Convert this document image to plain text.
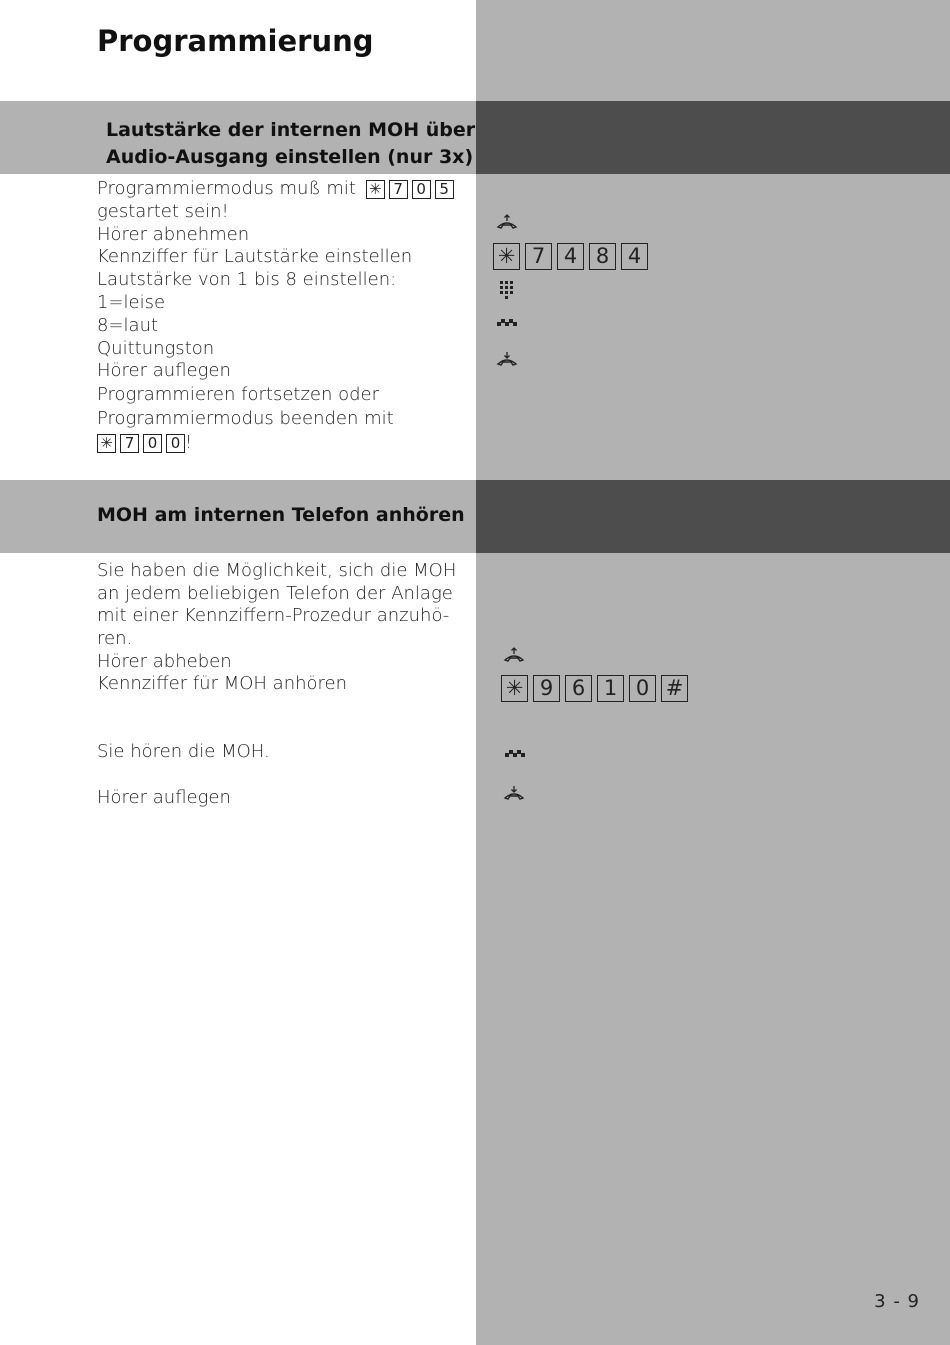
Programmierung
Lautstärke der internen MOH über
Audio-Ausgang einstellen (nur 3x)
Programmiermodus muß mit ✳ 7 0 5
gestartet sein!
Hörer abnehmen
Kennziffer für Lautstärke einstellen
Lautstärke von 1 bis 8 einstellen:
1=leise
8=laut
Quittungston
Hörer auflegen
Programmieren fortsetzen oder
Programmiermodus beenden mit
✳ 7 0 0 !
✳ 7 4 8 4
MOH am internen Telefon anhören
Sie haben die Möglichkeit, sich die MOH
an jedem beliebigen Telefon der Anlage
mit einer Kennziffern-Prozedur anzuhö-
ren.
Hörer abheben
Kennziffer für MOH anhören
Sie hören die MOH.
Hörer auflegen
✳ 9 6 1 0 #
3 - 9
